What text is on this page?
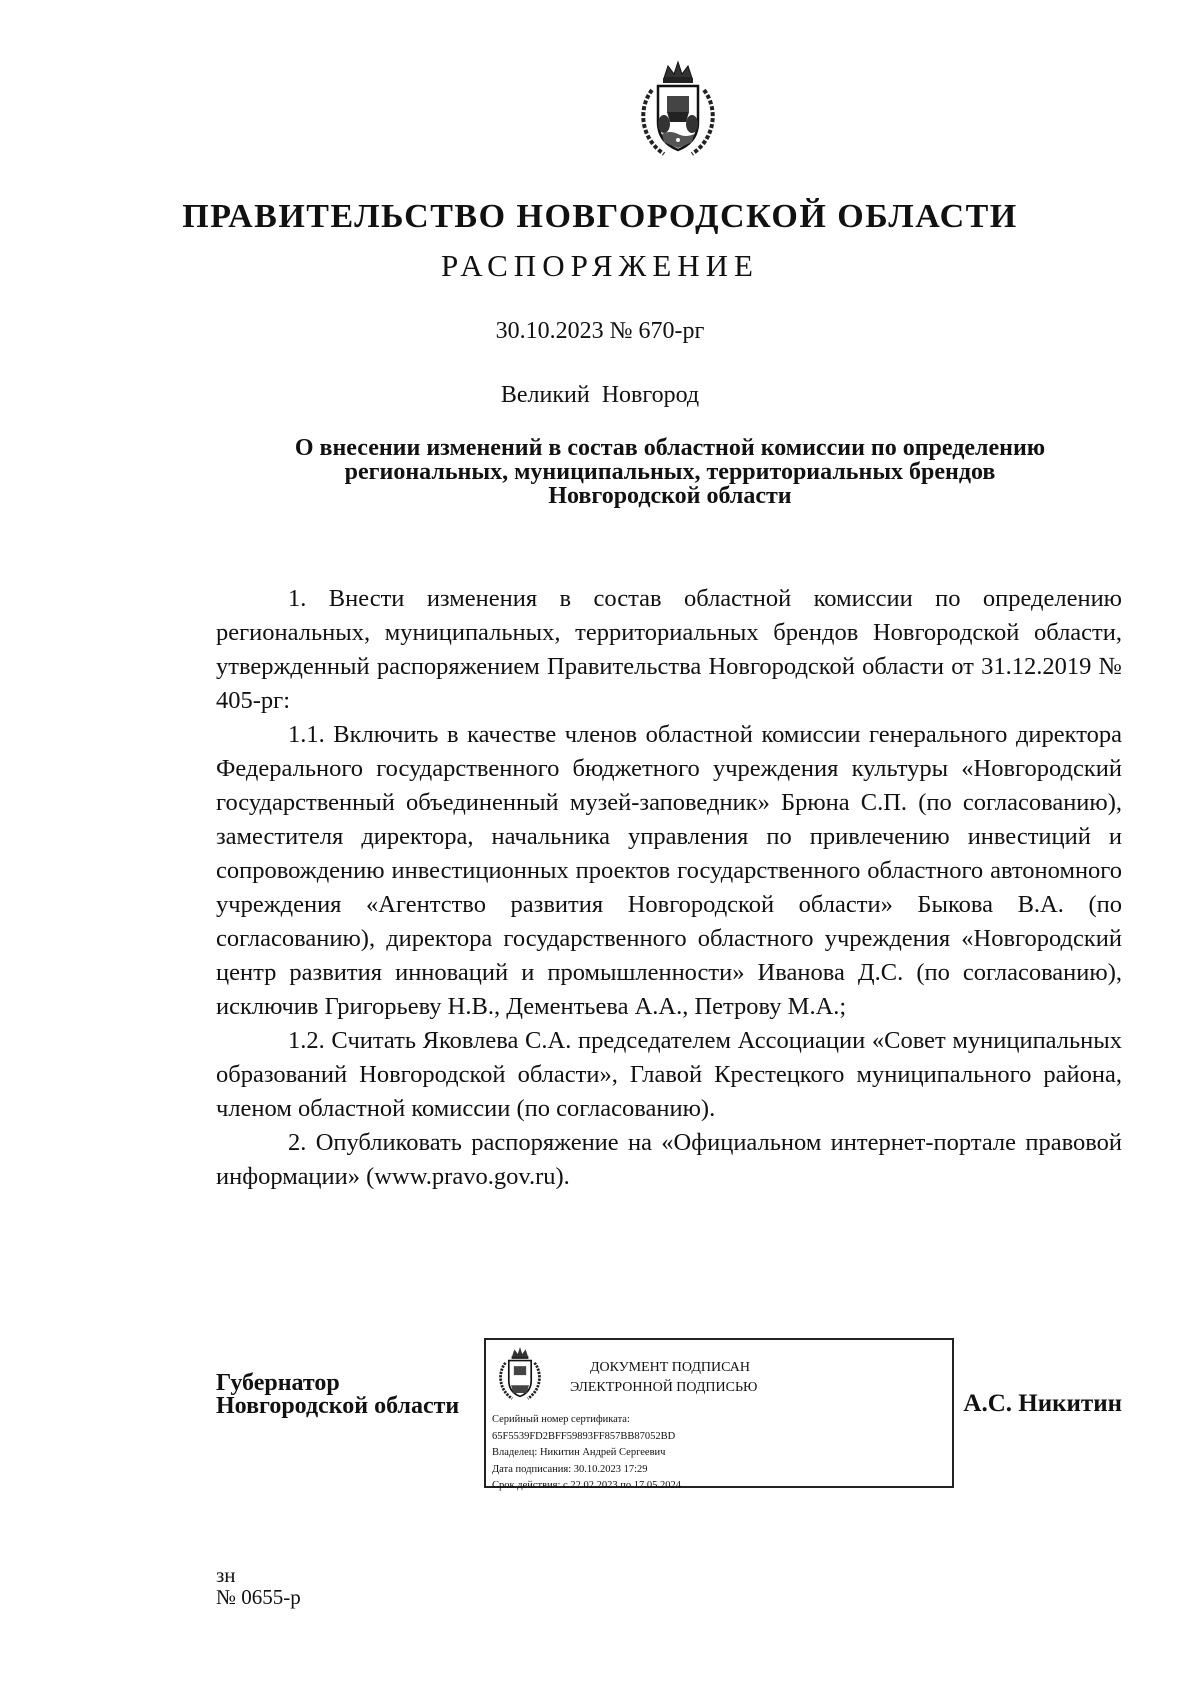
ПРАВИТЕЛЬСТВО НОВГОРОДСКОЙ ОБЛАСТИ
РАСПОРЯЖЕНИЕ
30.10.2023 № 670-рг
Великий Новгород
О внесении изменений в состав областной комиссии по определению
региональных, муниципальных, территориальных брендов
Новгородской области

1. Внести изменения в состав областной комиссии по определению региональных, муниципальных, территориальных брендов Новгородской области, утвержденный распоряжением Правительства Новгородской области от 31.12.2019 № 405-рг:

1.1. Включить в качестве членов областной комиссии генерального директора Федерального государственного бюджетного учреждения культуры «Новгородский государственный объединенный музей-заповедник» Брюна С.П. (по согласованию), заместителя директора, начальника управления по привлечению инвестиций и сопровождению инвестиционных проектов государственного областного автономного учреждения «Агентство развития Новгородской области» Быкова В.А. (по согласованию), директора государственного областного учреждения «Новгородский центр развития инноваций и промышленности» Иванова Д.С. (по согласованию), исключив Григорьеву Н.В., Дементьева А.А., Петрову М.А.;

1.2. Считать Яковлева С.А. председателем Ассоциации «Совет муниципальных образований Новгородской области», Главой Крестецкого муниципального района, членом областной комиссии (по согласованию).

2. Опубликовать распоряжение на «Официальном интернет-портале правовой информации» (www.pravo.gov.ru).

Губернатор
Новгородской области
ДОКУМЕНТ ПОДПИСАН
ЭЛЕКТРОННОЙ ПОДПИСЬЮ
Серийный номер сертификата:
65F5539FD2BFF59893FF857BB87052BD
Владелец: Никитин Андрей Сергеевич
Дата подписания: 30.10.2023 17:29
Срок действия: с 22.02.2023 по 17.05.2024
А.С. Никитин
зн
№ 0655-р
